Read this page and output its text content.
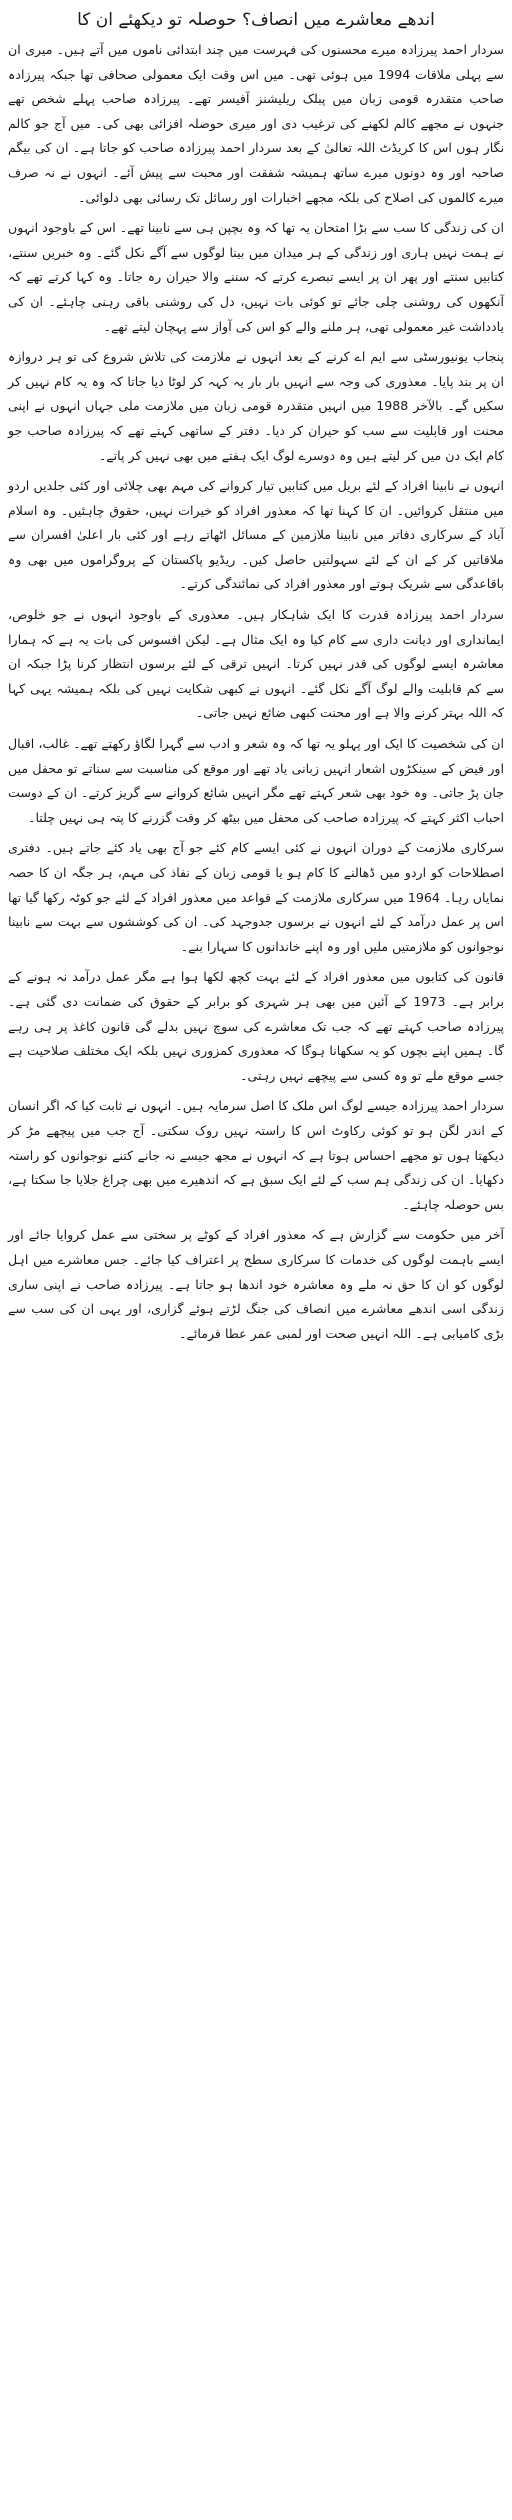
اندھے معاشرے میں انصاف؟ حوصلہ تو دیکھئے ان کا

سردار احمد پیرزادہ میرے محسنوں کی فہرست میں چند ابتدائی ناموں میں آتے ہیں۔ میری ان سے پہلی ملاقات 1994 میں ہوئی تھی۔ میں اس وقت ایک معمولی صحافی تھا جبکہ پیرزادہ صاحب متقدرہ قومی زبان میں پبلک ریلیشنز آفیسر تھے۔ پیرزادہ صاحب پہلے شخص تھے جنہوں نے مجھے کالم لکھنے کی ترغیب دی اور میری حوصلہ افزائی بھی کی۔ میں آج جو کالم نگار ہوں اس کا کریڈٹ اللہ تعالیٰ کے بعد سردار احمد پیرزادہ صاحب کو جاتا ہے۔ ان کی بیگم صاحبہ اور وہ دونوں میرے ساتھ ہمیشہ شفقت اور محبت سے پیش آئے۔ انہوں نے نہ صرف میرے کالموں کی اصلاح کی بلکہ مجھے اخبارات اور رسائل تک رسائی بھی دلوائی۔

ان کی زندگی کا سب سے بڑا امتحان یہ تھا کہ وہ بچپن ہی سے نابینا تھے۔ اس کے باوجود انہوں نے ہمت نہیں ہاری اور زندگی کے ہر میدان میں بینا لوگوں سے آگے نکل گئے۔ وہ خبریں سنتے، کتابیں سنتے اور پھر ان پر ایسے تبصرے کرتے کہ سننے والا حیران رہ جاتا۔ وہ کہا کرتے تھے کہ آنکھوں کی روشنی چلی جائے تو کوئی بات نہیں، دل کی روشنی باقی رہنی چاہئے۔ ان کی یادداشت غیر معمولی تھی، ہر ملنے والے کو اس کی آواز سے پہچان لیتے تھے۔

پنجاب یونیورسٹی سے ایم اے کرنے کے بعد انہوں نے ملازمت کی تلاش شروع کی تو ہر دروازہ ان پر بند پایا۔ معذوری کی وجہ سے انہیں بار بار یہ کہہ کر لوٹا دیا جاتا کہ وہ یہ کام نہیں کر سکیں گے۔ بالآخر 1988 میں انہیں متقدرہ قومی زبان میں ملازمت ملی جہاں انہوں نے اپنی محنت اور قابلیت سے سب کو حیران کر دیا۔ دفتر کے ساتھی کہتے تھے کہ پیرزادہ صاحب جو کام ایک دن میں کر لیتے ہیں وہ دوسرے لوگ ایک ہفتے میں بھی نہیں کر پاتے۔

انہوں نے نابینا افراد کے لئے بریل میں کتابیں تیار کروانے کی مہم بھی چلائی اور کئی جلدیں اردو میں منتقل کروائیں۔ ان کا کہنا تھا کہ معذور افراد کو خیرات نہیں، حقوق چاہئیں۔ وہ اسلام آباد کے سرکاری دفاتر میں نابینا ملازمین کے مسائل اٹھاتے رہے اور کئی بار اعلیٰ افسران سے ملاقاتیں کر کے ان کے لئے سہولتیں حاصل کیں۔ ریڈیو پاکستان کے پروگراموں میں بھی وہ باقاعدگی سے شریک ہوتے اور معذور افراد کی نمائندگی کرتے۔

سردار احمد پیرزادہ قدرت کا ایک شاہکار ہیں۔ معذوری کے باوجود انہوں نے جو خلوص، ایمانداری اور دیانت داری سے کام کیا وہ ایک مثال ہے۔ لیکن افسوس کی بات یہ ہے کہ ہمارا معاشرہ ایسے لوگوں کی قدر نہیں کرتا۔ انہیں ترقی کے لئے برسوں انتظار کرنا پڑا جبکہ ان سے کم قابلیت والے لوگ آگے نکل گئے۔ انہوں نے کبھی شکایت نہیں کی بلکہ ہمیشہ یہی کہا کہ اللہ بہتر کرنے والا ہے اور محنت کبھی ضائع نہیں جاتی۔

ان کی شخصیت کا ایک اور پہلو یہ تھا کہ وہ شعر و ادب سے گہرا لگاؤ رکھتے تھے۔ غالب، اقبال اور فیض کے سینکڑوں اشعار انہیں زبانی یاد تھے اور موقع کی مناسبت سے سناتے تو محفل میں جان پڑ جاتی۔ وہ خود بھی شعر کہتے تھے مگر انہیں شائع کروانے سے گریز کرتے۔ ان کے دوست احباب اکثر کہتے کہ پیرزادہ صاحب کی محفل میں بیٹھ کر وقت گزرنے کا پتہ ہی نہیں چلتا۔

سرکاری ملازمت کے دوران انہوں نے کئی ایسے کام کئے جو آج بھی یاد کئے جاتے ہیں۔ دفتری اصطلاحات کو اردو میں ڈھالنے کا کام ہو یا قومی زبان کے نفاذ کی مہم، ہر جگہ ان کا حصہ نمایاں رہا۔ 1964 میں سرکاری ملازمت کے قواعد میں معذور افراد کے لئے جو کوٹہ رکھا گیا تھا اس پر عمل درآمد کے لئے انہوں نے برسوں جدوجہد کی۔ ان کی کوششوں سے بہت سے نابینا نوجوانوں کو ملازمتیں ملیں اور وہ اپنے خاندانوں کا سہارا بنے۔

قانون کی کتابوں میں معذور افراد کے لئے بہت کچھ لکھا ہوا ہے مگر عمل درآمد نہ ہونے کے برابر ہے۔ 1973 کے آئین میں بھی ہر شہری کو برابر کے حقوق کی ضمانت دی گئی ہے۔ پیرزادہ صاحب کہتے تھے کہ جب تک معاشرے کی سوچ نہیں بدلے گی قانون کاغذ پر ہی رہے گا۔ ہمیں اپنے بچوں کو یہ سکھانا ہوگا کہ معذوری کمزوری نہیں بلکہ ایک مختلف صلاحیت ہے جسے موقع ملے تو وہ کسی سے پیچھے نہیں رہتی۔

سردار احمد پیرزادہ جیسے لوگ اس ملک کا اصل سرمایہ ہیں۔ انہوں نے ثابت کیا کہ اگر انسان کے اندر لگن ہو تو کوئی رکاوٹ اس کا راستہ نہیں روک سکتی۔ آج جب میں پیچھے مڑ کر دیکھتا ہوں تو مجھے احساس ہوتا ہے کہ انہوں نے مجھ جیسے نہ جانے کتنے نوجوانوں کو راستہ دکھایا۔ ان کی زندگی ہم سب کے لئے ایک سبق ہے کہ اندھیرے میں بھی چراغ جلایا جا سکتا ہے، بس حوصلہ چاہئے۔

آخر میں حکومت سے گزارش ہے کہ معذور افراد کے کوٹے پر سختی سے عمل کروایا جائے اور ایسے باہمت لوگوں کی خدمات کا سرکاری سطح پر اعتراف کیا جائے۔ جس معاشرے میں اہل لوگوں کو ان کا حق نہ ملے وہ معاشرہ خود اندھا ہو جاتا ہے۔ پیرزادہ صاحب نے اپنی ساری زندگی اسی اندھے معاشرے میں انصاف کی جنگ لڑتے ہوئے گزاری، اور یہی ان کی سب سے بڑی کامیابی ہے۔ اللہ انہیں صحت اور لمبی عمر عطا فرمائے۔
